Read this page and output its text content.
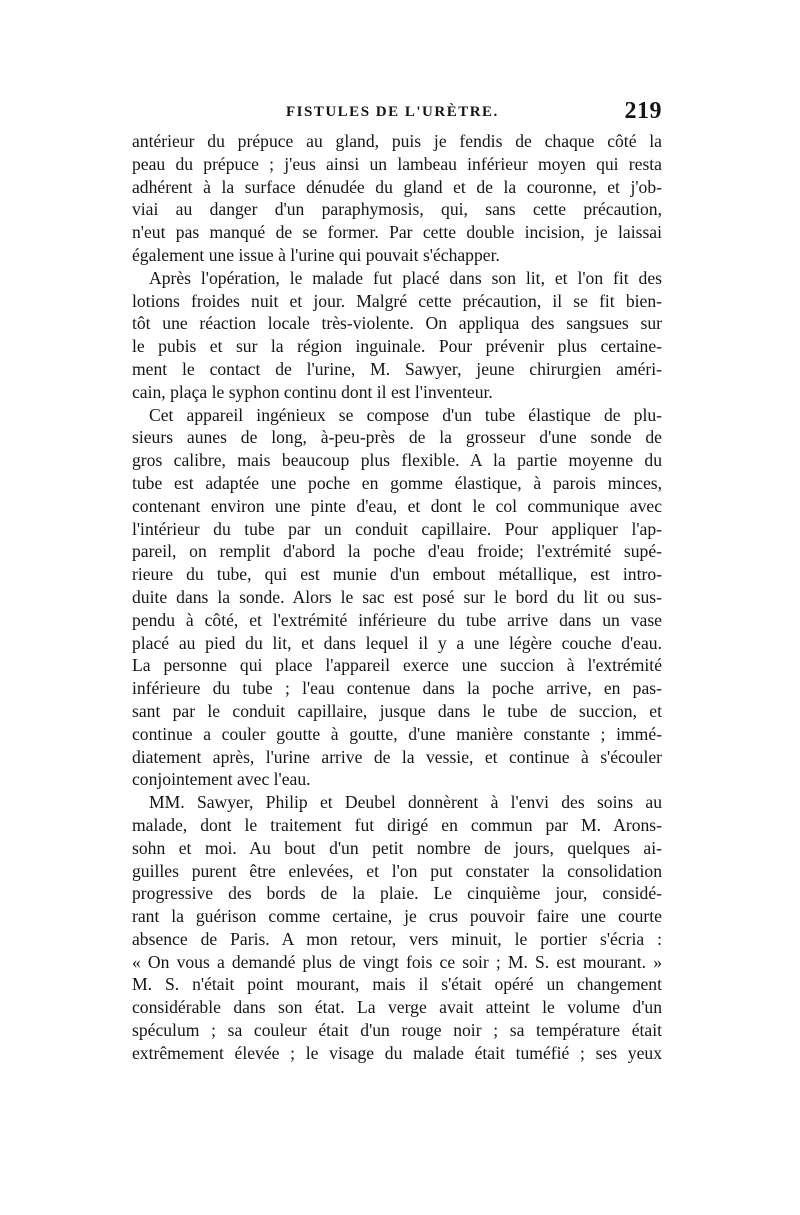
FISTULES DE L'URÈTRE.	219
antérieur du prépuce au gland, puis je fendis de chaque côté la
peau du prépuce ; j'eus ainsi un lambeau inférieur moyen qui resta
adhérent à la surface dénudée du gland et de la couronne, et j'ob-
viai au danger d'un paraphymosis, qui, sans cette précaution,
n'eut pas manqué de se former. Par cette double incision, je laissai
également une issue à l'urine qui pouvait s'échapper.
Après l'opération, le malade fut placé dans son lit, et l'on fit des
lotions froides nuit et jour. Malgré cette précaution, il se fit bien-
tôt une réaction locale très-violente. On appliqua des sangsues sur
le pubis et sur la région inguinale. Pour prévenir plus certaine-
ment le contact de l'urine, M. Sawyer, jeune chirurgien améri-
cain, plaça le syphon continu dont il est l'inventeur.
Cet appareil ingénieux se compose d'un tube élastique de plu-
sieurs aunes de long, à-peu-près de la grosseur d'une sonde de
gros calibre, mais beaucoup plus flexible. A la partie moyenne du
tube est adaptée une poche en gomme élastique, à parois minces,
contenant environ une pinte d'eau, et dont le col communique avec
l'intérieur du tube par un conduit capillaire. Pour appliquer l'ap-
pareil, on remplit d'abord la poche d'eau froide; l'extrémité supé-
rieure du tube, qui est munie d'un embout métallique, est intro-
duite dans la sonde. Alors le sac est posé sur le bord du lit ou sus-
pendu à côté, et l'extrémité inférieure du tube arrive dans un vase
placé au pied du lit, et dans lequel il y a une légère couche d'eau.
La personne qui place l'appareil exerce une succion à l'extrémité
inférieure du tube ; l'eau contenue dans la poche arrive, en pas-
sant par le conduit capillaire, jusque dans le tube de succion, et
continue a couler goutte à goutte, d'une manière constante ; immé-
diatement après, l'urine arrive de la vessie, et continue à s'écouler
conjointement avec l'eau.
MM. Sawyer, Philip et Deubel donnèrent à l'envi des soins au
malade, dont le traitement fut dirigé en commun par M. Arons-
sohn et moi. Au bout d'un petit nombre de jours, quelques ai-
guilles purent être enlevées, et l'on put constater la consolidation
progressive des bords de la plaie. Le cinquième jour, considé-
rant la guérison comme certaine, je crus pouvoir faire une courte
absence de Paris. A mon retour, vers minuit, le portier s'écria :
« On vous a demandé plus de vingt fois ce soir ; M. S. est mourant. »
M. S. n'était point mourant, mais il s'était opéré un changement
considérable dans son état. La verge avait atteint le volume d'un
spéculum ; sa couleur était d'un rouge noir ; sa température était
extrêmement élevée ; le visage du malade était tuméfié ; ses yeux
